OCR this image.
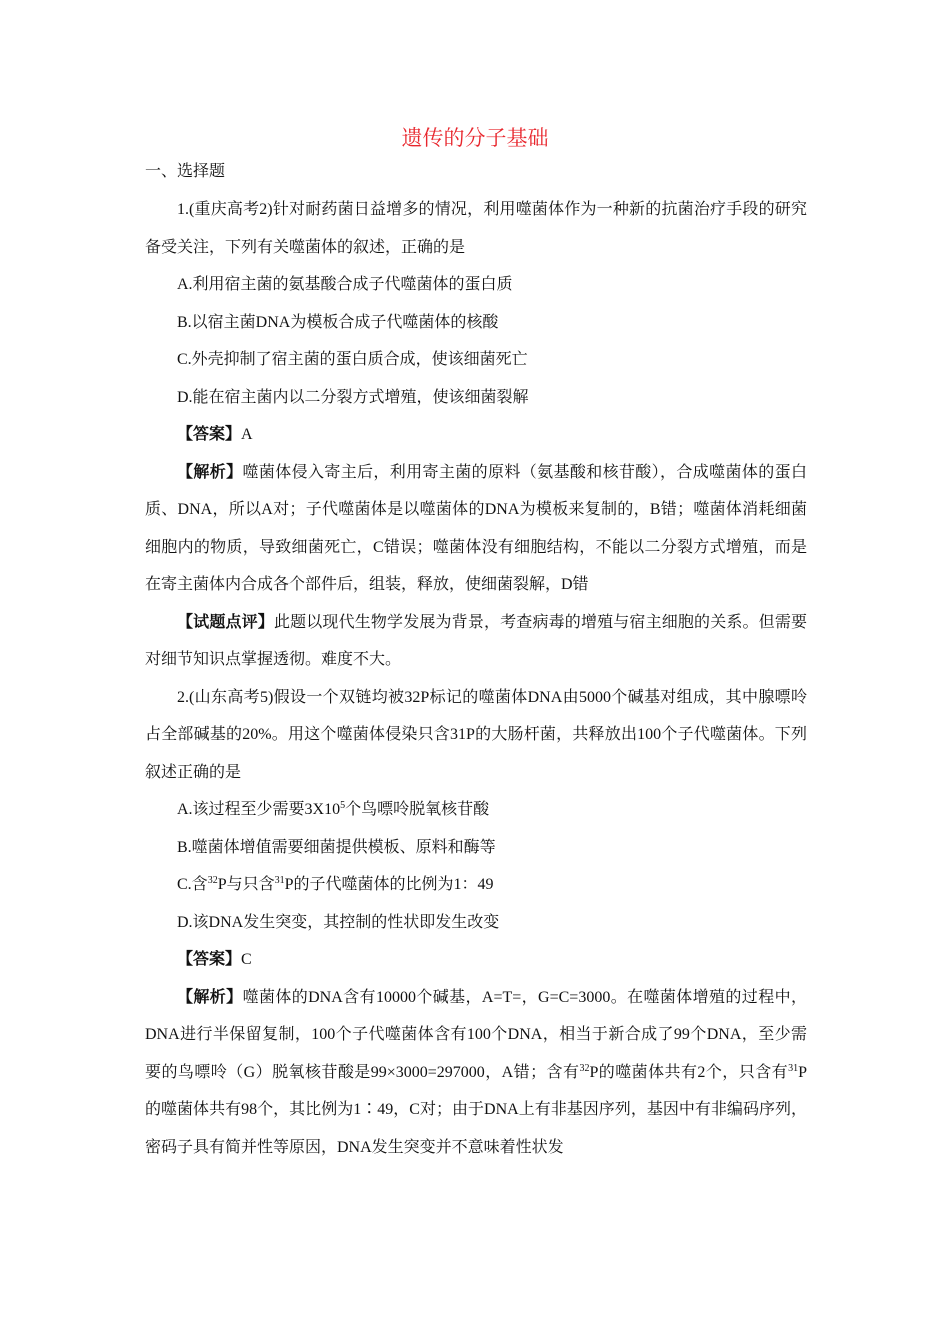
遗传的分子基础
一、选择题

1.(重庆高考2)针对耐药菌日益增多的情况，利用噬菌体作为一种新的抗菌治疗手段的研究备受关注，下列有关噬菌体的叙述，正确的是

A.利用宿主菌的氨基酸合成子代噬菌体的蛋白质

B.以宿主菌DNA为模板合成子代噬菌体的核酸

C.外壳抑制了宿主菌的蛋白质合成，使该细菌死亡

D.能在宿主菌内以二分裂方式增殖，使该细菌裂解

【答案】A

【解析】噬菌体侵入寄主后，利用寄主菌的原料（氨基酸和核苷酸），合成噬菌体的蛋白质、DNA，所以A对；子代噬菌体是以噬菌体的DNA为模板来复制的，B错；噬菌体消耗细菌细胞内的物质，导致细菌死亡，C错误；噬菌体没有细胞结构，不能以二分裂方式增殖，而是在寄主菌体内合成各个部件后，组装，释放，使细菌裂解，D错

【试题点评】此题以现代生物学发展为背景，考查病毒的增殖与宿主细胞的关系。但需要对细节知识点掌握透彻。难度不大。

2.(山东高考5)假设一个双链均被32P标记的噬菌体DNA由5000个碱基对组成，其中腺嘌呤占全部碱基的20%。用这个噬菌体侵染只含31P的大肠杆菌，共释放出100个子代噬菌体。下列叙述正确的是

A.该过程至少需要$3X10^5$个鸟嘌呤脱氧核苷酸

B.噬菌体增值需要细菌提供模板、原料和酶等

C.含$^{32}$P与只含$^{31}$P的子代噬菌体的比例为1：49

D.该DNA发生突变，其控制的性状即发生改变

【答案】C

【解析】噬菌体的DNA含有10000个碱基，A=T=，G=C=3000。在噬菌体增殖的过程中，DNA进行半保留复制，100个子代噬菌体含有100个DNA，相当于新合成了99个DNA，至少需要的鸟嘌呤（G）脱氧核苷酸是99×3000=297000，A错；含有$^{32}$P的噬菌体共有2个，只含有$^{31}$P的噬菌体共有98个，其比例为1∶49，C对；由于DNA上有非基因序列，基因中有非编码序列，密码子具有简并性等原因，DNA发生突变并不意味着性状发
